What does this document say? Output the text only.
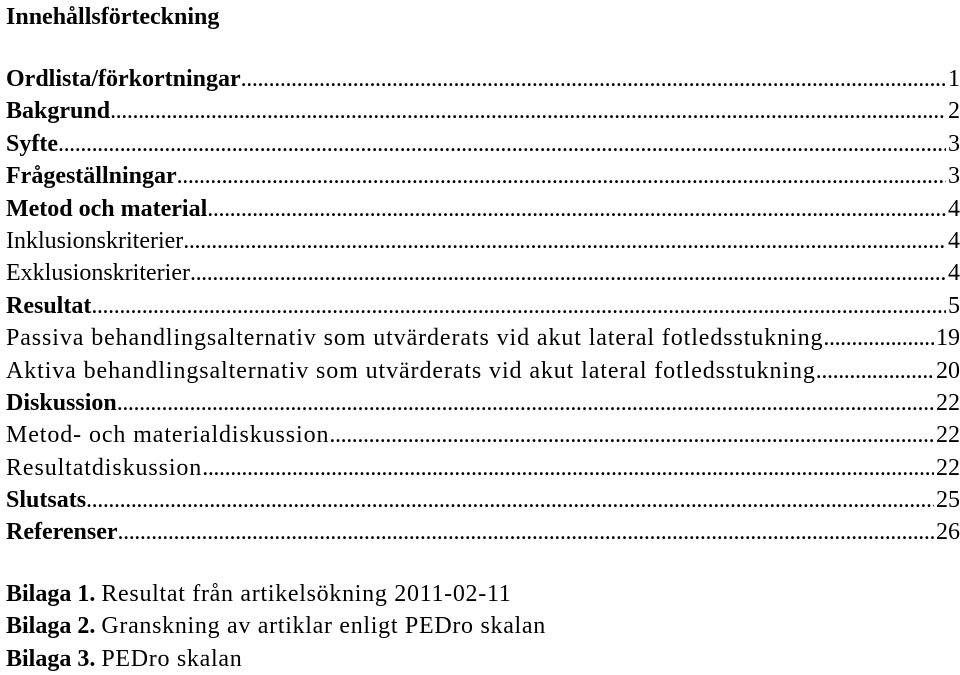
Innehållsförteckning
Ordlista/förkortningar . . .	1
Bakgrund . . .	2
Syfte . . .	3
Frågeställningar . . .	3
Metod och material . . .	4
Inklusionskriterier . . .	4
Exklusionskriterier . . .	4
Resultat . . .	5
Passiva behandlingsalternativ som utvärderats vid akut lateral fotledsstukning . . .	19
Aktiva behandlingsalternativ som utvärderats vid akut lateral fotledsstukning . . .	20
Diskussion . . .	22
Metod- och materialdiskussion . . .	22
Resultatdiskussion . . .	22
Slutsats . . .	25
Referenser . . .	26
Bilaga 1. Resultat från artikelsökning 2011-02-11
Bilaga 2. Granskning av artiklar enligt PEDro skalan
Bilaga 3. PEDro skalan
